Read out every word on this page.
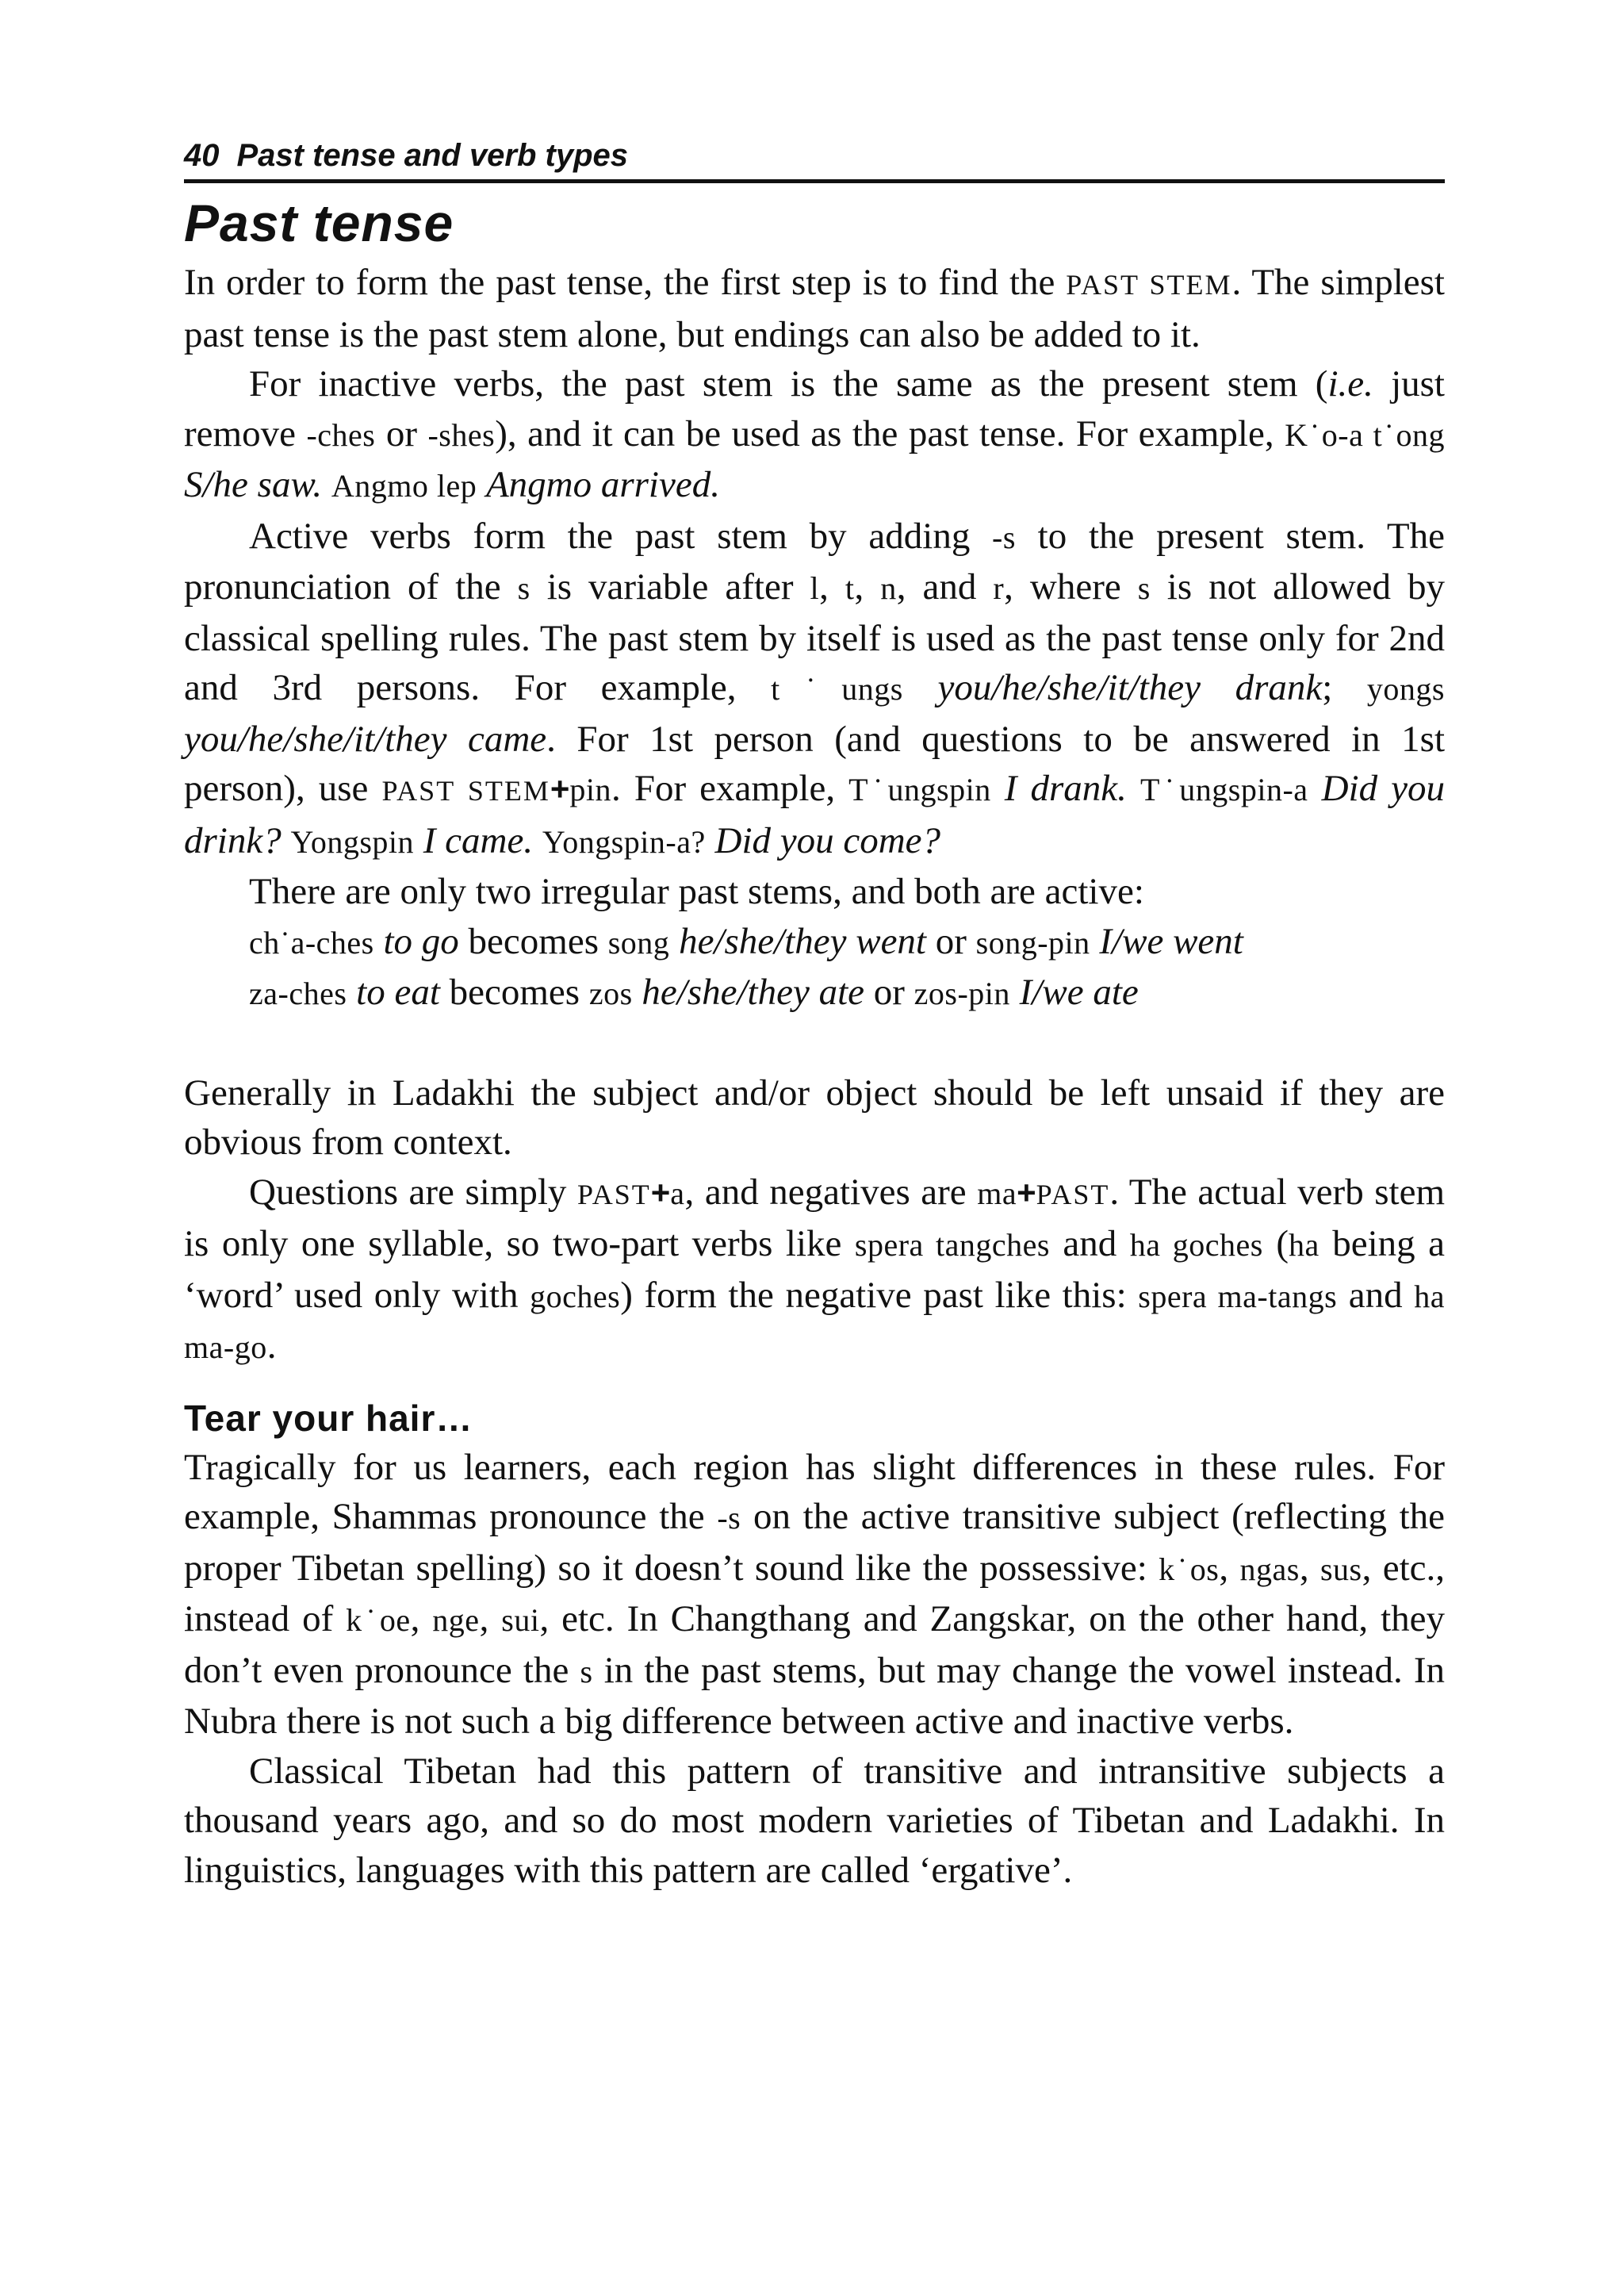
40 Past tense and verb types
Past tense

In order to form the past tense, the first step is to find the PAST STEM. The simplest past tense is the past stem alone, but endings can also be added to it.

For inactive verbs, the past stem is the same as the present stem (i.e. just remove -ches or -shes), and it can be used as the past tense. For example, K˙o-a t˙ong S/he saw. Angmo lep Angmo arrived.

Active verbs form the past stem by adding -s to the present stem. The pronunciation of the s is variable after l, t, n, and r, where s is not allowed by classical spelling rules. The past stem by itself is used as the past tense only for 2nd and 3rd persons. For example, t˙ungs you/he/she/it/they drank; yongs you/he/she/it/they came. For 1st person (and questions to be answered in 1st person), use PAST STEM+pin. For example, T˙ungspin I drank. T˙ungspin-a Did you drink? Yongspin I came. Yongspin-a? Did you come?

There are only two irregular past stems, and both are active:

ch˙a-ches to go becomes song he/she/they went or song-pin I/we went
za-ches to eat becomes zos he/she/they ate or zos-pin I/we ate

Generally in Ladakhi the subject and/or object should be left unsaid if they are obvious from context.

Questions are simply PAST+a, and negatives are ma+PAST. The actual verb stem is only one syllable, so two-part verbs like spera tangches and ha goches (ha being a ‘word’ used only with goches) form the negative past like this: spera ma-tangs and ha ma-go.

Tear your hair…

Tragically for us learners, each region has slight differences in these rules. For example, Shammas pronounce the -s on the active transitive subject (reflecting the proper Tibetan spelling) so it doesn’t sound like the possessive: k˙os, ngas, sus, etc., instead of k˙oe, nge, sui, etc. In Changthang and Zangskar, on the other hand, they don’t even pronounce the s in the past stems, but may change the vowel instead. In Nubra there is not such a big difference between active and inactive verbs.

Classical Tibetan had this pattern of transitive and intransitive subjects a thousand years ago, and so do most modern varieties of Tibetan and Ladakhi. In linguistics, languages with this pattern are called ‘ergative’.
